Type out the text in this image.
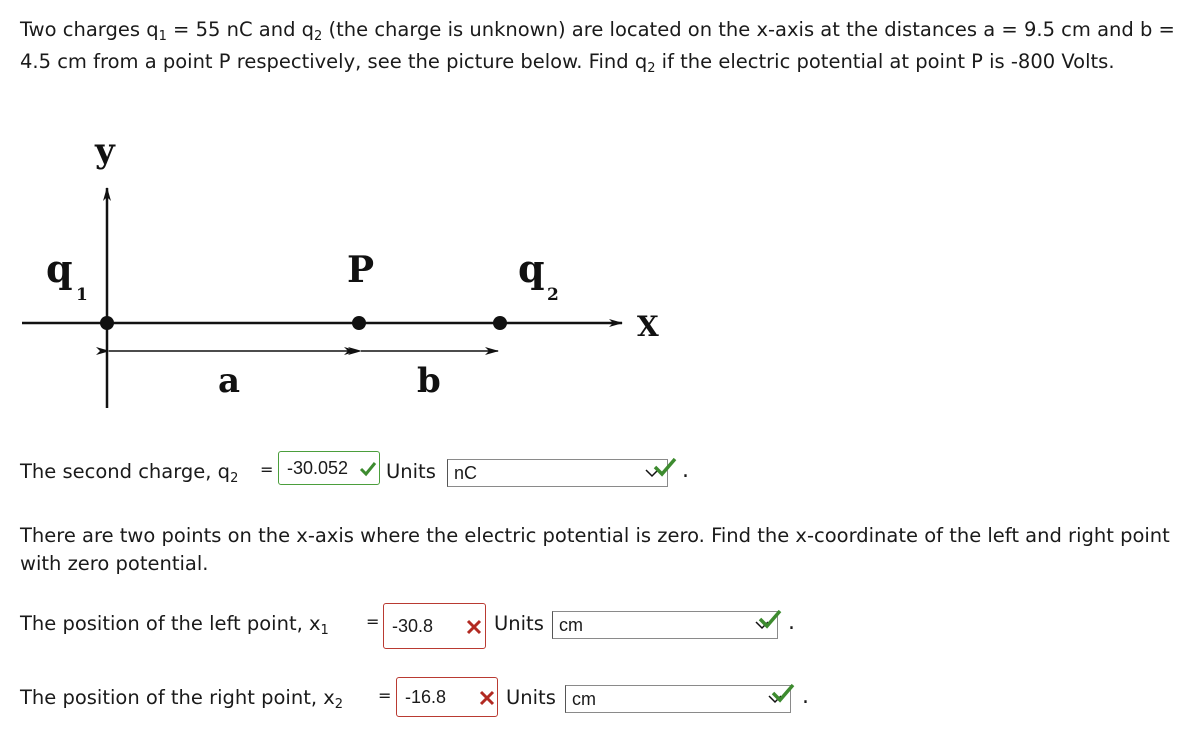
Two charges $q_1 = 55$ nC and $q_2$ (the charge is unknown) are located on the x-axis at the distances a = 9.5 cm and b = 4.5 cm from a point P respectively, see the picture below. Find $q_2$ if the electric potential at point P is -800 Volts.

y
X
q
1
P	q
2
a	b
The second charge, $q_2 = -30.052$ Units nC	.

There are two points on the x-axis where the electric potential is zero. Find the x-coordinate of the left and right point with zero potential.

The position of the left point, $x_1 = -30.8$	Units cm	.
The position of the right point, $x_2 = -16.8$	Units cm	.
